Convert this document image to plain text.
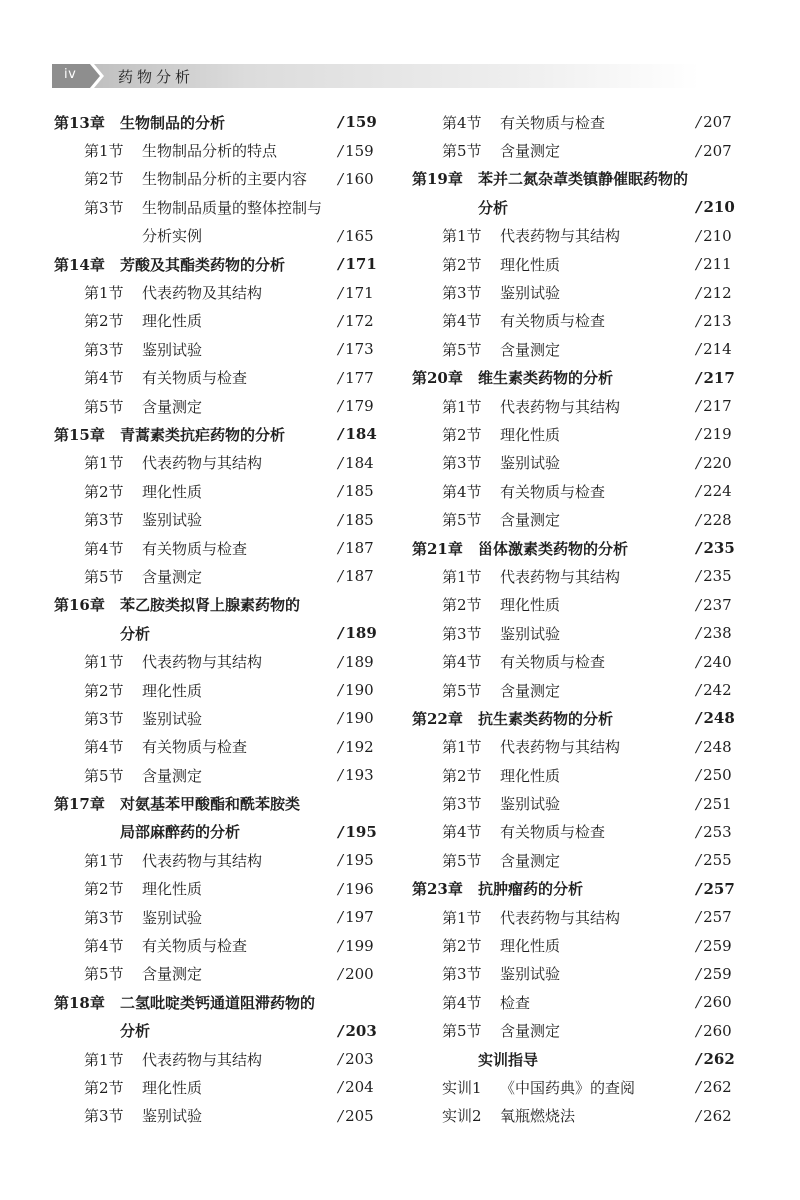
iv	药物分析
第13章	生物制品的分析	/ 159
第1节	生物制品分析的特点	/ 159
第2节	生物制品分析的主要内容	/ 160
第3节	生物制品质量的整体控制与
分析实例	/ 165
第14章	芳酸及其酯类药物的分析	/ 171
第1节	代表药物及其结构	/ 171
第2节	理化性质	/ 172
第3节	鉴别试验	/ 173
第4节	有关物质与检查	/ 177
第5节	含量测定	/ 179
第15章	青蒿素类抗疟药物的分析	/ 184
第1节	代表药物与其结构	/ 184
第2节	理化性质	/ 185
第3节	鉴别试验	/ 185
第4节	有关物质与检查	/ 187
第5节	含量测定	/ 187
第16章	苯乙胺类拟肾上腺素药物的
分析	/ 189
第1节	代表药物与其结构	/ 189
第2节	理化性质	/ 190
第3节	鉴别试验	/ 190
第4节	有关物质与检查	/ 192
第5节	含量测定	/ 193
第17章	对氨基苯甲酸酯和酰苯胺类
局部麻醉药的分析	/ 195
第1节	代表药物与其结构	/ 195
第2节	理化性质	/ 196
第3节	鉴别试验	/ 197
第4节	有关物质与检查	/ 199
第5节	含量测定	/ 200
第18章	二氢吡啶类钙通道阻滞药物的
分析	/ 203
第1节	代表药物与其结构	/ 203
第2节	理化性质	/ 204
第3节	鉴别试验	/ 205
第4节	有关物质与检查	/ 207
第5节	含量测定	/ 207
第19章	苯并二氮杂䓬类镇静催眠药物的
分析	/ 210
第1节	代表药物与其结构	/ 210
第2节	理化性质	/ 211
第3节	鉴别试验	/ 212
第4节	有关物质与检查	/ 213
第5节	含量测定	/ 214
第20章	维生素类药物的分析	/ 217
第1节	代表药物与其结构	/ 217
第2节	理化性质	/ 219
第3节	鉴别试验	/ 220
第4节	有关物质与检查	/ 224
第5节	含量测定	/ 228
第21章	甾体激素类药物的分析	/ 235
第1节	代表药物与其结构	/ 235
第2节	理化性质	/ 237
第3节	鉴别试验	/ 238
第4节	有关物质与检查	/ 240
第5节	含量测定	/ 242
第22章	抗生素类药物的分析	/ 248
第1节	代表药物与其结构	/ 248
第2节	理化性质	/ 250
第3节	鉴别试验	/ 251
第4节	有关物质与检查	/ 253
第5节	含量测定	/ 255
第23章	抗肿瘤药的分析	/ 257
第1节	代表药物与其结构	/ 257
第2节	理化性质	/ 259
第3节	鉴别试验	/ 259
第4节	检查	/ 260
第5节	含量测定	/ 260
实训指导	/ 262
实训1	《中国药典》的查阅	/ 262
实训2	氧瓶燃烧法	/ 262
